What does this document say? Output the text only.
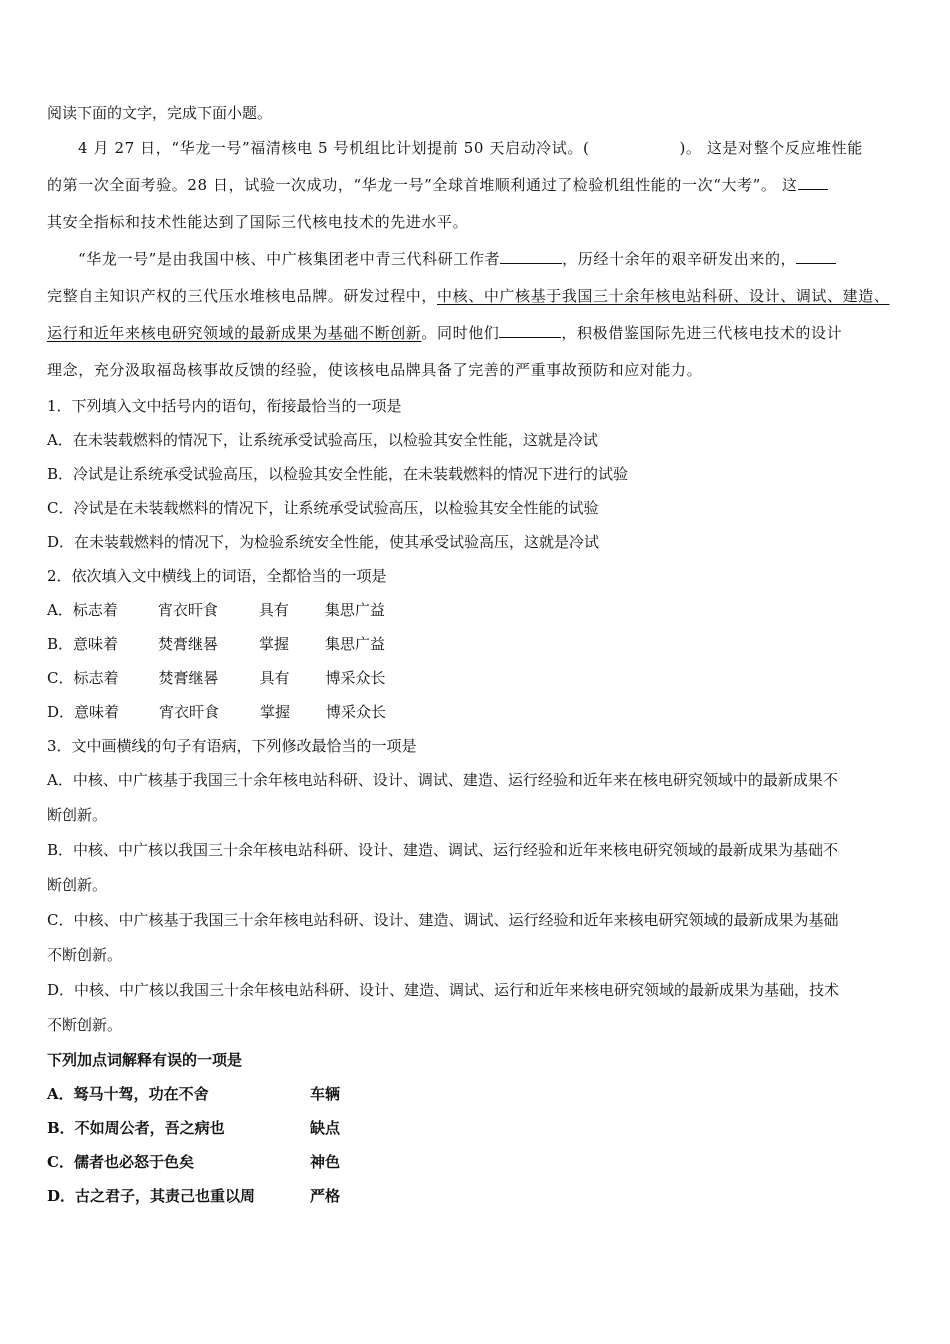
阅读下面的文字，完成下面小题。
4 月 27 日，“华龙一号”福清核电 5 号机组比计划提前 50 天启动冷试。(	)。 这是对整个反应堆性能
的第一次全面考验。28 日，试验一次成功，“华龙一号”全球首堆顺利通过了检验机组性能的一次“大考”。 这
其安全指标和技术性能达到了国际三代核电技术的先进水平。
“华龙一号”是由我国中核、中广核集团老中青三代科研工作者	，历经十余年的艰辛研发出来的，
完整自主知识产权的三代压水堆核电品牌。研发过程中，中核、中广核基于我国三十余年核电站科研、设计、调试、建造、
运行和近年来核电研究领域的最新成果为基础不断创新。同时他们	，积极借鉴国际先进三代核电技术的设计
理念，充分汲取福岛核事故反馈的经验，使该核电品牌具备了完善的严重事故预防和应对能力。
1．下列填入文中括号内的语句，衔接最恰当的一项是
A．在未装载燃料的情况下，让系统承受试验高压，以检验其安全性能，这就是冷试
B．冷试是让系统承受试验高压，以检验其安全性能，在未装载燃料的情况下进行的试验
C．冷试是在未装载燃料的情况下，让系统承受试验高压，以检验其安全性能的试验
D．在未装载燃料的情况下，为检验系统安全性能，使其承受试验高压，这就是冷试
2．依次填入文中横线上的词语，全都恰当的一项是
A．标志着	宵衣旰食	具有 集思广益
B．意味着	焚膏继晷	掌握 集思广益
C．标志着	焚膏继晷	具有 博采众长
D．意味着	宵衣旰食	掌握 博采众长
3．文中画横线的句子有语病，下列修改最恰当的一项是
A．中核、中广核基于我国三十余年核电站科研、设计、调试、建造、运行经验和近年来在核电研究领域中的最新成果不
断创新。
B．中核、中广核以我国三十余年核电站科研、设计、建造、调试、运行经验和近年来核电研究领域的最新成果为基础不
断创新。
C．中核、中广核基于我国三十余年核电站科研、设计、建造、调试、运行经验和近年来核电研究领域的最新成果为基础
不断创新。
D．中核、中广核以我国三十余年核电站科研、设计、建造、调试、运行和近年来核电研究领域的最新成果为基础，技术
不断创新。
下列加点词解释有误的一项是
A．驽马十驾，功在不舍	车辆
B．不如周公者，吾之病也	缺点
C．儒者也必怒于色矣	神色
D．古之君子，其责己也重以周	严格
